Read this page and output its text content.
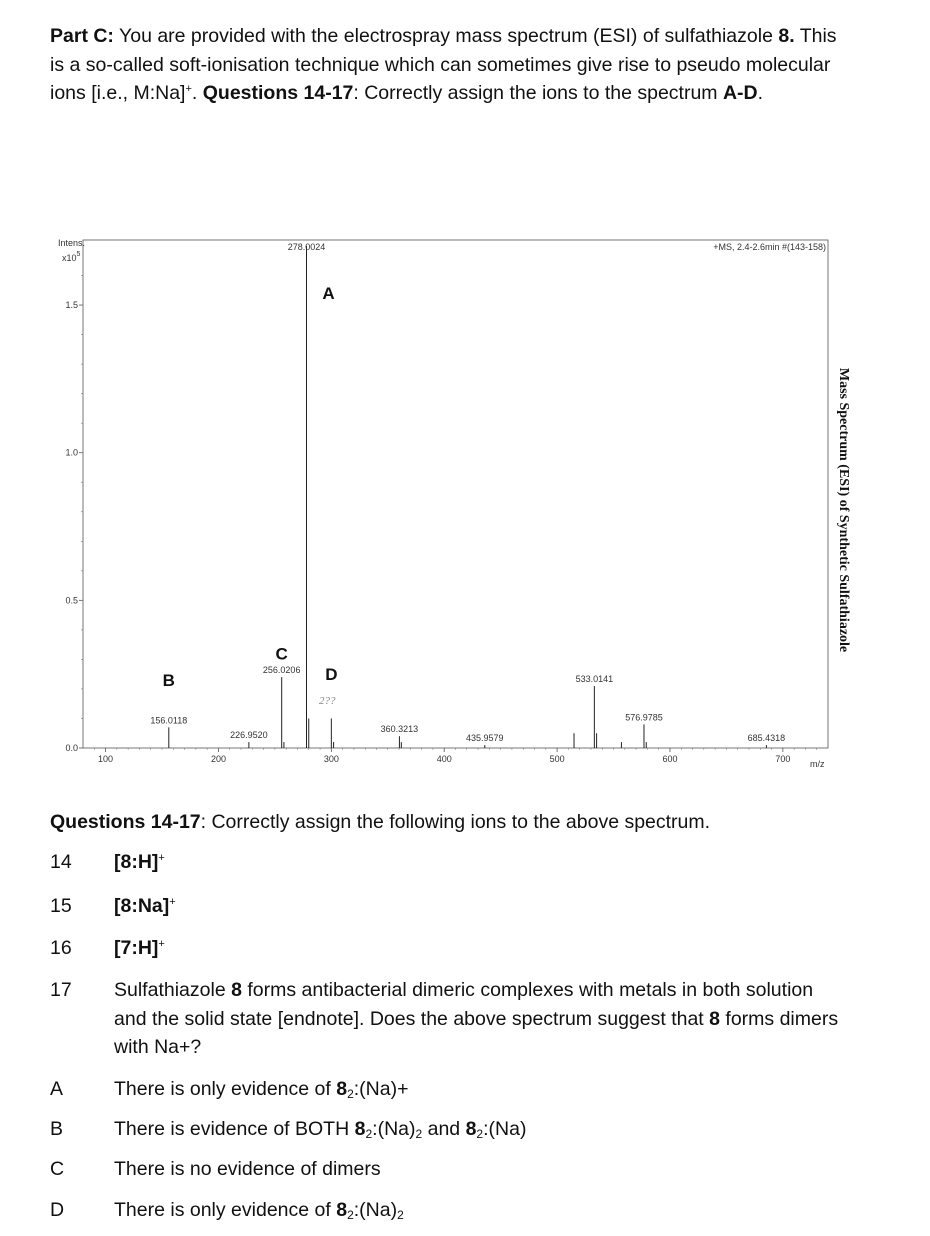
Part C: You are provided with the electrospray mass spectrum (ESI) of sulfathiazole 8. This is a so-called soft-ionisation technique which can sometimes give rise to pseudo molecular ions [i.e., M:Na]+. Questions 14-17: Correctly assign the ions to the spectrum A-D.

0.0
0.5
1.0
1.5
100	200	300	400	500	600	700
156.0118
226.9520
256.0206
278.0024
360.3213
435.9579
533.0141
576.9785
685.4318
A
B
C
D
Intens.
$x10^5$
+MS, 2.4-2.6min #(143-158)
m/z
2??
Mass Spectrum (ESI) of Synthetic Sulfathiazole

Questions 14-17: Correctly assign the following ions to the above spectrum.

14 [8:H]+
15 [8:Na]+
16 [7:H]+
17 Sulfathiazole 8 forms antibacterial dimeric complexes with metals in both solution and the solid state [endnote]. Does the above spectrum suggest that 8 forms dimers with Na+?
A	There is only evidence of $8_2:(Na)+$
B	There is evidence of BOTH $8_2:(Na)_2$ and $8_2:(Na)$
C	There is no evidence of dimers
D	There is only evidence of $8_2:(Na)_2$
